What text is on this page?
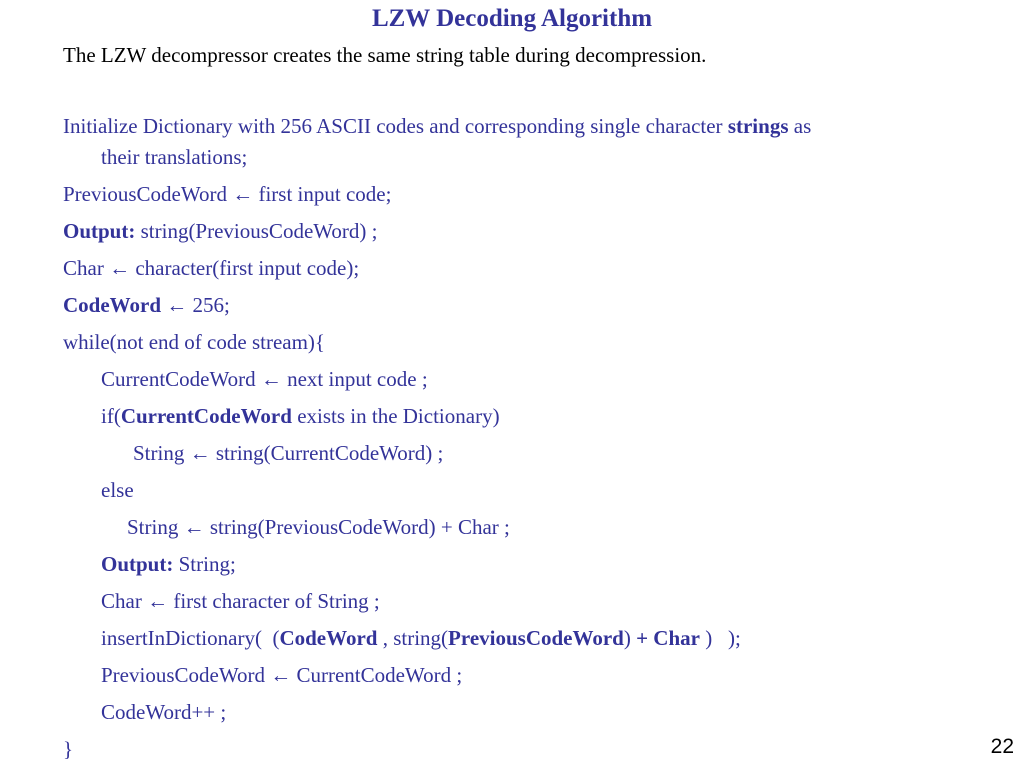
LZW Decoding Algorithm
The LZW decompressor creates the same string table during decompression.
Initialize Dictionary with 256 ASCII codes and corresponding single character strings as
their translations;
PreviousCodeWord ← first input code;
Output: string(PreviousCodeWord) ;
Char ← character(first input code);
CodeWord ← 256;
while(not end of code stream){
CurrentCodeWord ← next input code ;
if(CurrentCodeWord exists in the Dictionary)
String ← string(CurrentCodeWord) ;
else
String ← string(PreviousCodeWord) + Char ;
Output: String;
Char ← first character of String ;
insertInDictionary(  (CodeWord , string(PreviousCodeWord) + Char )   );
PreviousCodeWord ← CurrentCodeWord ;
CodeWord++ ;
}	22
